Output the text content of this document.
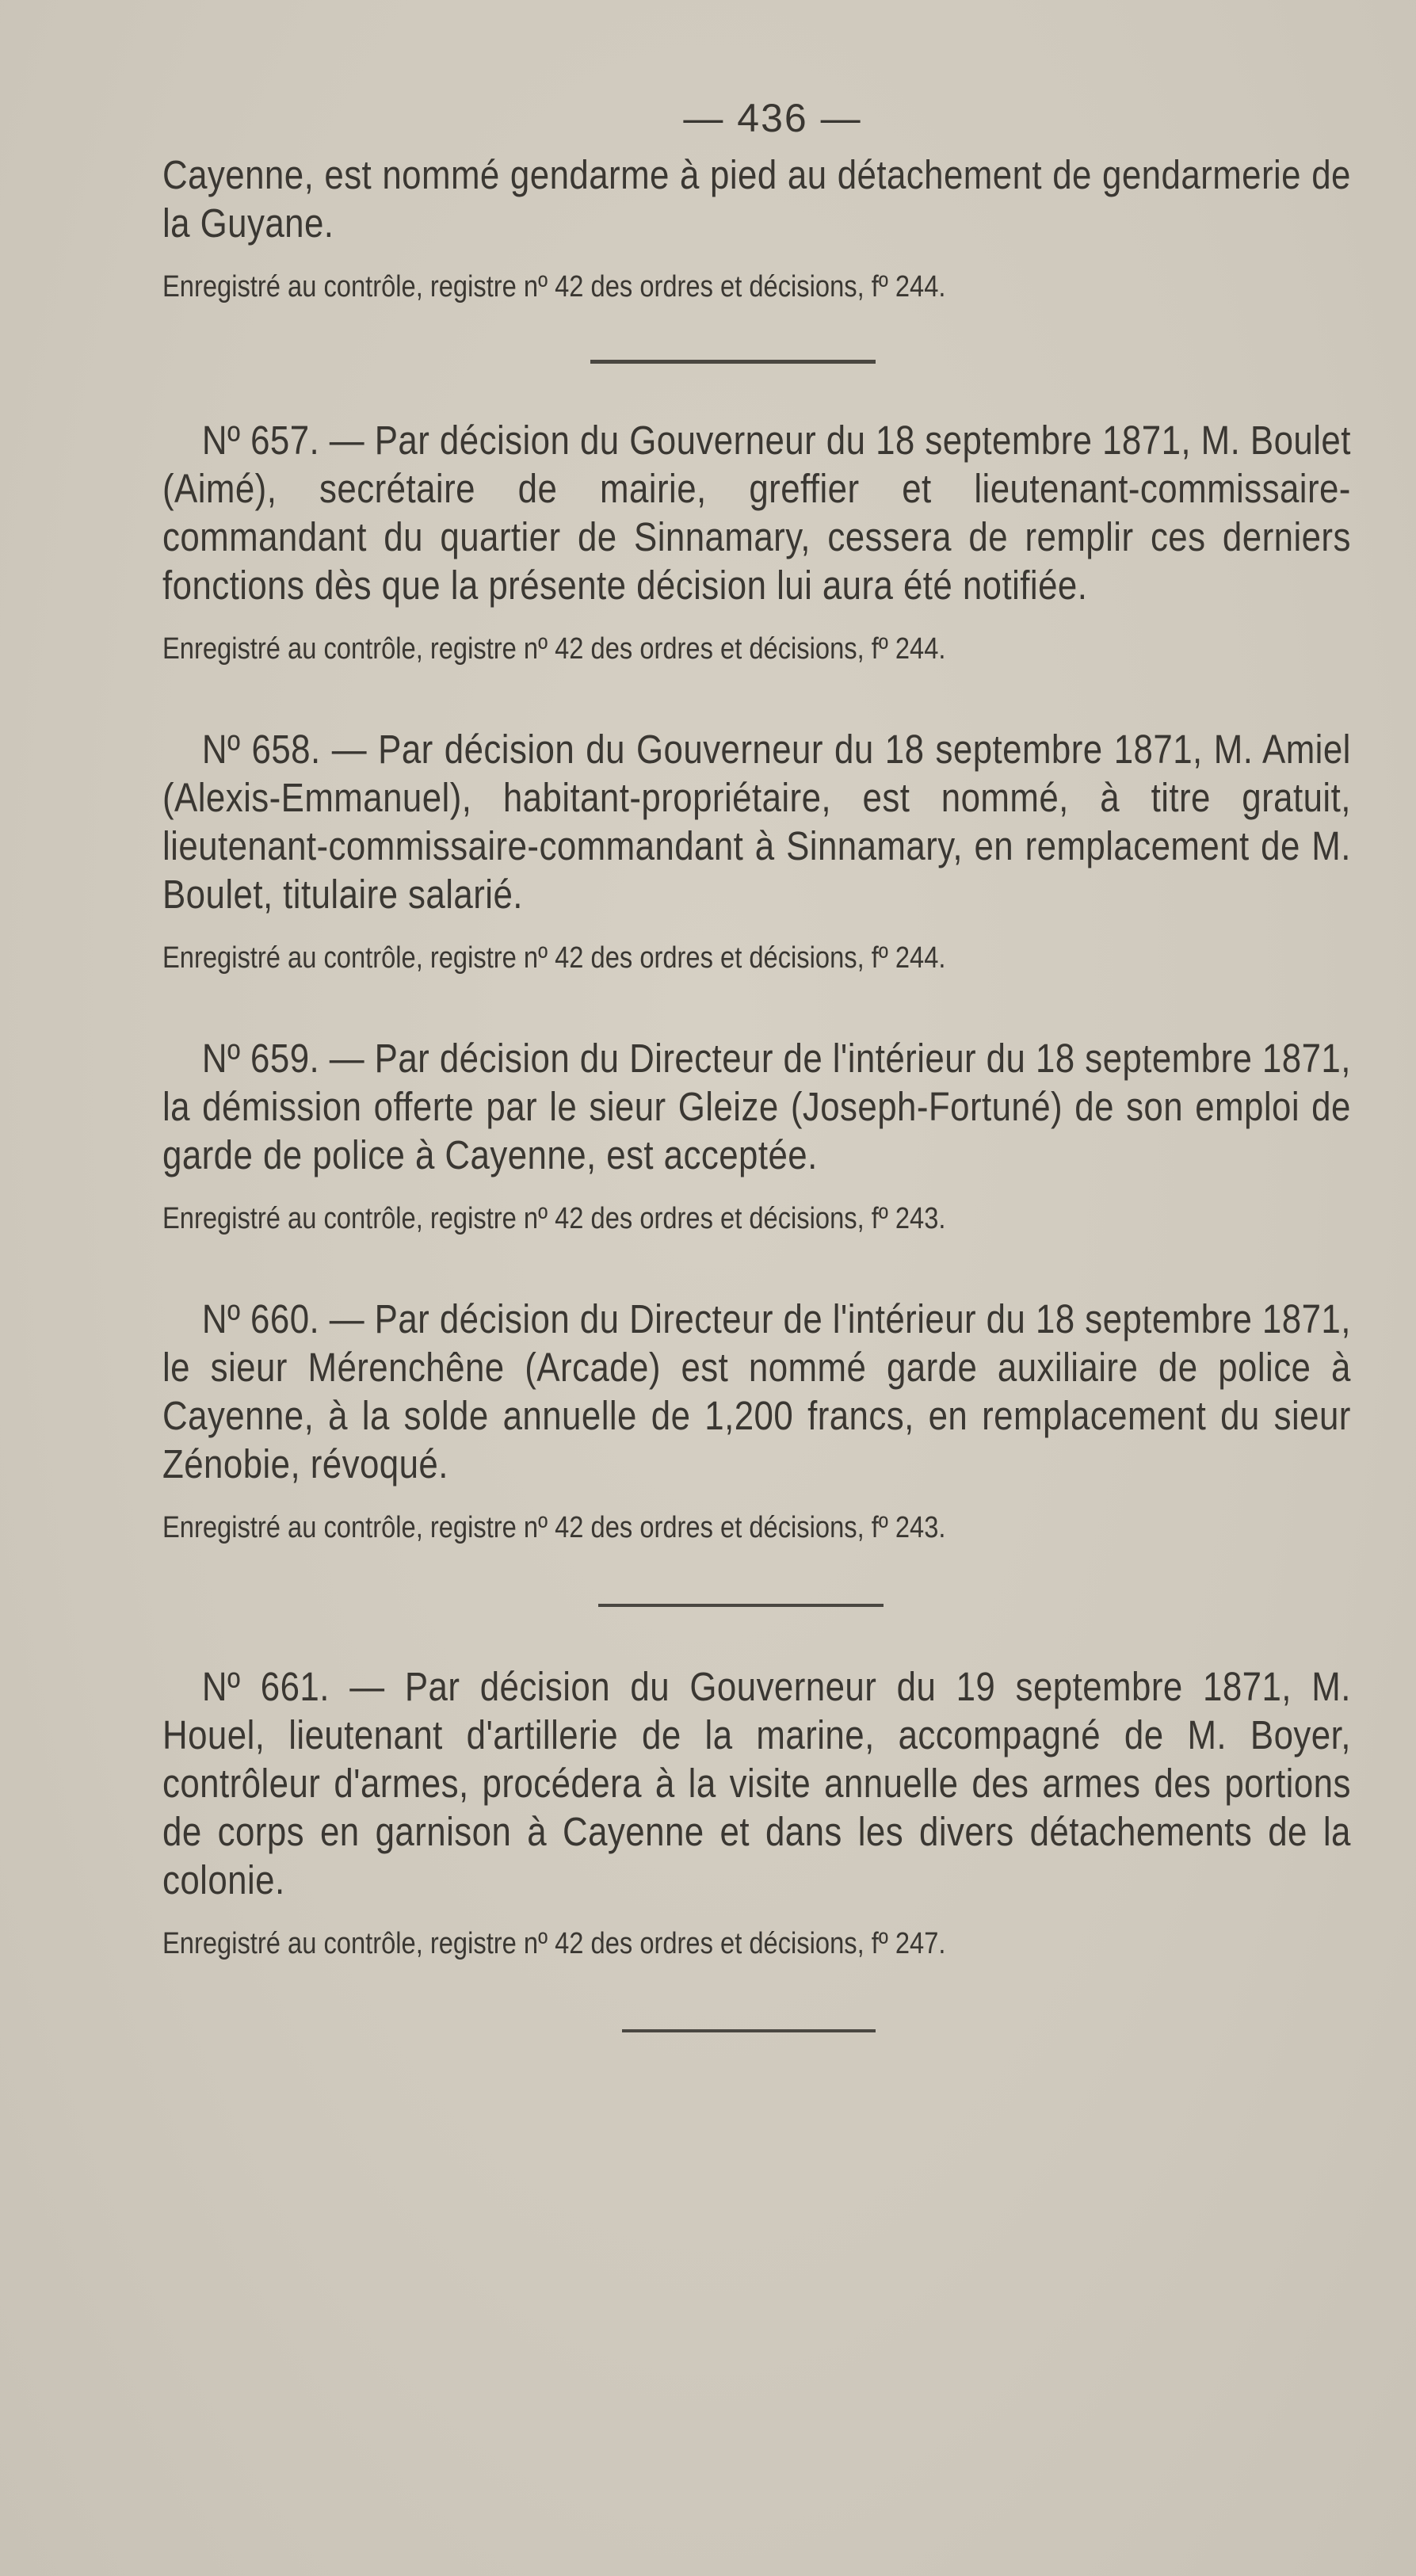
— 436 —

Cayenne, est nommé gendarme à pied au détachement de gendarmerie de la Guyane.

Enregistré au contrôle, registre nº 42 des ordres et décisions, fº 244.

Nº 657. — Par décision du Gouverneur du 18 septembre 1871, M. Boulet (Aimé), secrétaire de mairie, greffier et lieutenant-commissaire-commandant du quartier de Sinnamary, cessera de remplir ces derniers fonctions dès que la présente décision lui aura été notifiée.

Enregistré au contrôle, registre nº 42 des ordres et décisions, fº 244.

Nº 658. — Par décision du Gouverneur du 18 septembre 1871, M. Amiel (Alexis-Emmanuel), habitant-propriétaire, est nommé, à titre gratuit, lieutenant-commissaire-commandant à Sinnamary, en remplacement de M. Boulet, titulaire salarié.

Enregistré au contrôle, registre nº 42 des ordres et décisions, fº 244.

Nº 659. — Par décision du Directeur de l'intérieur du 18 septembre 1871, la démission offerte par le sieur Gleize (Joseph-Fortuné) de son emploi de garde de police à Cayenne, est acceptée.

Enregistré au contrôle, registre nº 42 des ordres et décisions, fº 243.

Nº 660. — Par décision du Directeur de l'intérieur du 18 septembre 1871, le sieur Mérenchêne (Arcade) est nommé garde auxiliaire de police à Cayenne, à la solde annuelle de 1,200 francs, en remplacement du sieur Zénobie, révoqué.

Enregistré au contrôle, registre nº 42 des ordres et décisions, fº 243.

Nº 661. — Par décision du Gouverneur du 19 septembre 1871, M. Houel, lieutenant d'artillerie de la marine, accompagné de M. Boyer, contrôleur d'armes, procédera à la visite annuelle des armes des portions de corps en garnison à Cayenne et dans les divers détachements de la colonie.

Enregistré au contrôle, registre nº 42 des ordres et décisions, fº 247.
